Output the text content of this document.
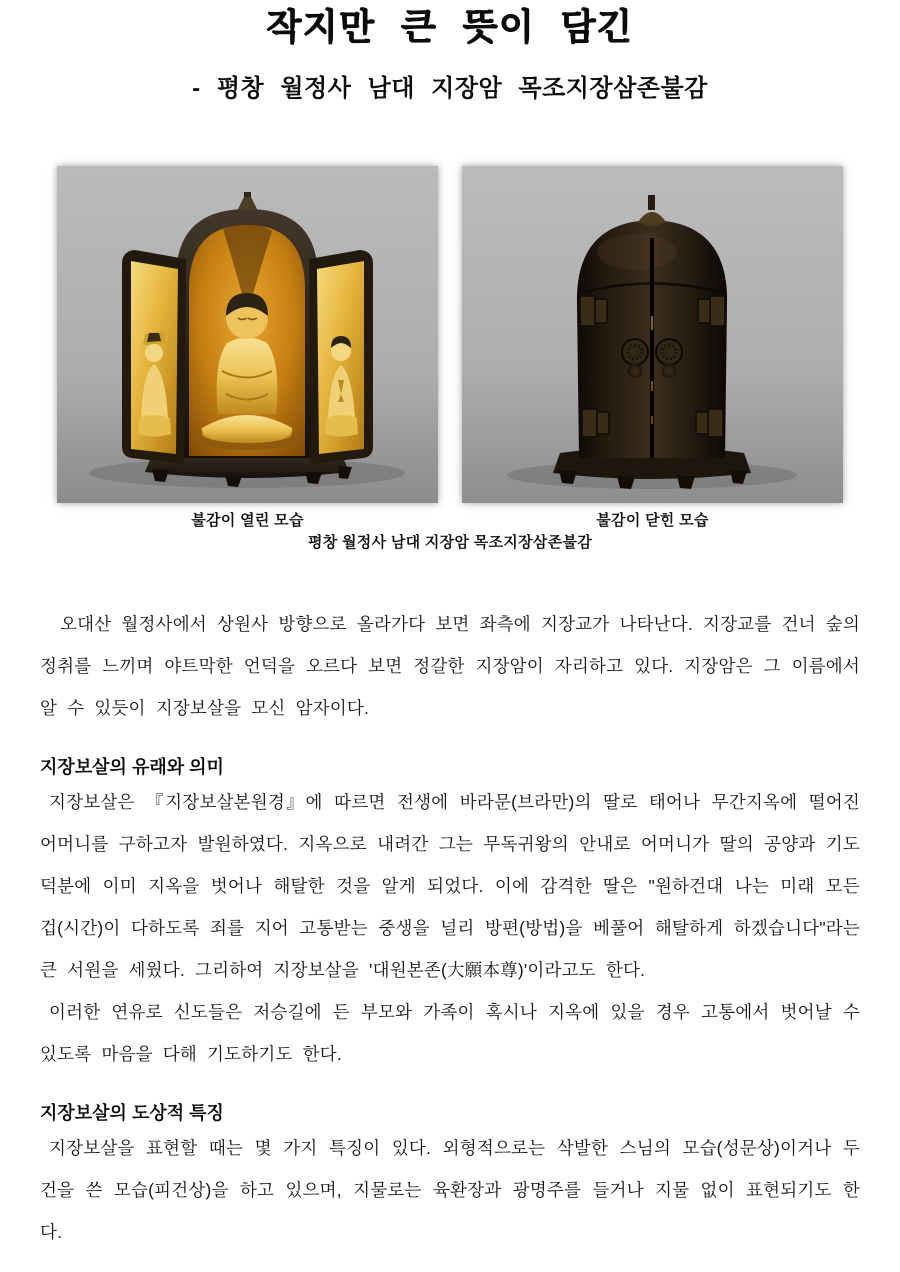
작지만 큰 뜻이 담긴
- 평창 월정사 남대 지장암 목조지장삼존불감
불감이 열린 모습	불감이 닫힌 모습
평창 월정사 남대 지장암 목조지장삼존불감

오대산 월정사에서 상원사 방향으로 올라가다 보면 좌측에 지장교가 나타난다. 지장교를 건너 숲의 정취를 느끼며 야트막한 언덕을 오르다 보면 정갈한 지장암이 자리하고 있다. 지장암은 그 이름에서 알 수 있듯이 지장보살을 모신 암자이다.

지장보살의 유래와 의미

지장보살은 『지장보살본원경』에 따르면 전생에 바라문(브라만)의 딸로 태어나 무간지옥에 떨어진 어머니를 구하고자 발원하였다. 지옥으로 내려간 그는 무독귀왕의 안내로 어머니가 딸의 공양과 기도 덕분에 이미 지옥을 벗어나 해탈한 것을 알게 되었다. 이에 감격한 딸은 "원하건대 나는 미래 모든 겁(시간)이 다하도록 죄를 지어 고통받는 중생을 널리 방편(방법)을 베풀어 해탈하게 하겠습니다"라는 큰 서원을 세웠다. 그리하여 지장보살을 '대원본존(大願本尊)'이라고도 한다.

이러한 연유로 신도들은 저승길에 든 부모와 가족이 혹시나 지옥에 있을 경우 고통에서 벗어날 수 있도록 마음을 다해 기도하기도 한다.

지장보살의 도상적 특징

지장보살을 표현할 때는 몇 가지 특징이 있다. 외형적으로는 삭발한 스님의 모습(성문상)이거나 두건을 쓴 모습(피건상)을 하고 있으며, 지물로는 육환장과 광명주를 들거나 지물 없이 표현되기도 한다.
